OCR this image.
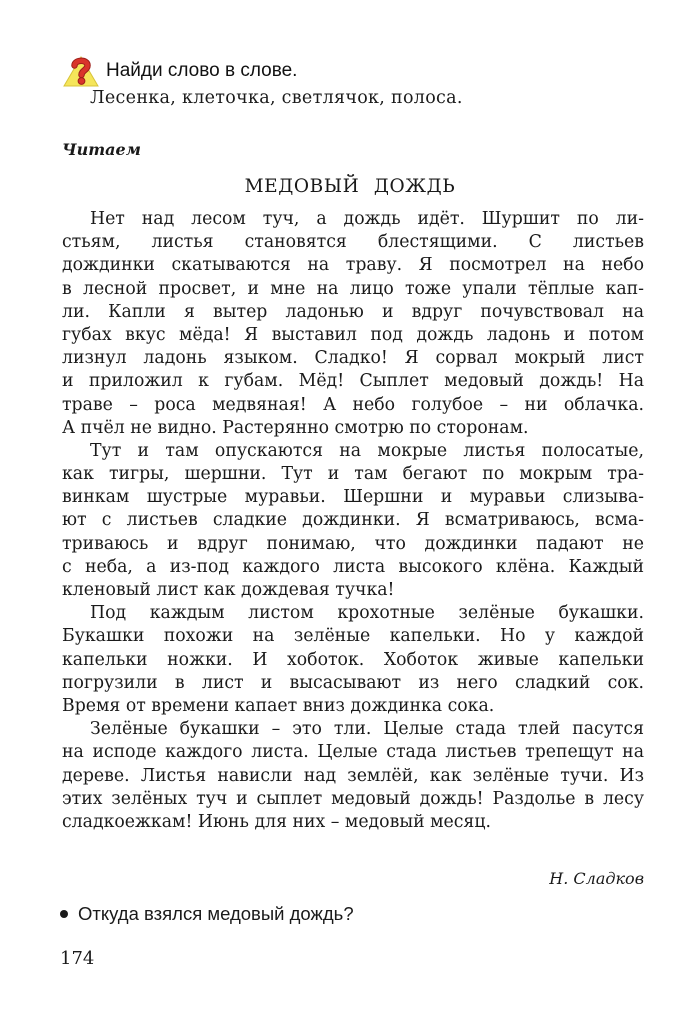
Найди слово в слове.
Лесенка, клеточка, светлячок, полоса.
Читаем
МЕДОВЫЙ ДОЖДЬ
Нет над лесом туч, а дождь идёт. Шуршит по ли-
стьям, листья становятся блестящими. С листьев
дождинки скатываются на траву. Я посмотрел на небо
в лесной просвет, и мне на лицо тоже упали тёплые кап-
ли. Капли я вытер ладонью и вдруг почувствовал на
губах вкус мёда! Я выставил под дождь ладонь и потом
лизнул ладонь языком. Сладко! Я сорвал мокрый лист
и приложил к губам. Мёд! Сыплет медовый дождь! На
траве – роса медвяная! А небо голубое – ни облачка.
А пчёл не видно. Растерянно смотрю по сторонам.
Тут и там опускаются на мокрые листья полосатые,
как тигры, шершни. Тут и там бегают по мокрым тра-
винкам шустрые муравьи. Шершни и муравьи слизыва-
ют с листьев сладкие дождинки. Я всматриваюсь, всма-
триваюсь и вдруг понимаю, что дождинки падают не
с неба, а из-под каждого листа высокого клёна. Каждый
кленовый лист как дождевая тучка!
Под каждым листом крохотные зелёные букашки.
Букашки похожи на зелёные капельки. Но у каждой
капельки ножки. И хоботок. Хоботок живые капельки
погрузили в лист и высасывают из него сладкий сок.
Время от времени капает вниз дождинка сока.
Зелёные букашки – это тли. Целые стада тлей пасутся
на исподе каждого листа. Целые стада листьев трепещут на
дереве. Листья нависли над землёй, как зелёные тучи. Из
этих зелёных туч и сыплет медовый дождь! Раздолье в лесу
сладкоежкам! Июнь для них – медовый месяц.
Н. Сладков
Откуда взялся медовый дождь?
174
